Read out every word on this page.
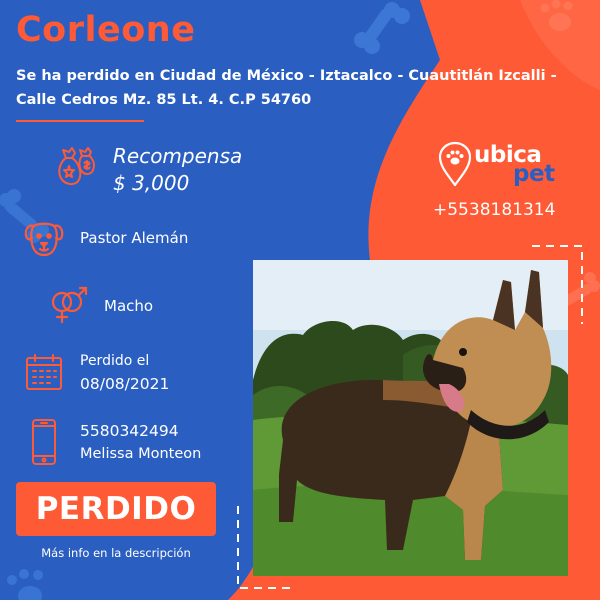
Corleone
Se ha perdido en Ciudad de México - Iztacalco - Cuautitlán Izcalli - Calle Cedros Mz. 85 Lt. 4. C.P 54760
Recompensa
$ 3,000
Pastor Alemán
Macho
Perdido el
08/08/2021
5580342494
Melissa Monteon
PERDIDO
Más info en la descripción
ubica
pet
+5538181314
